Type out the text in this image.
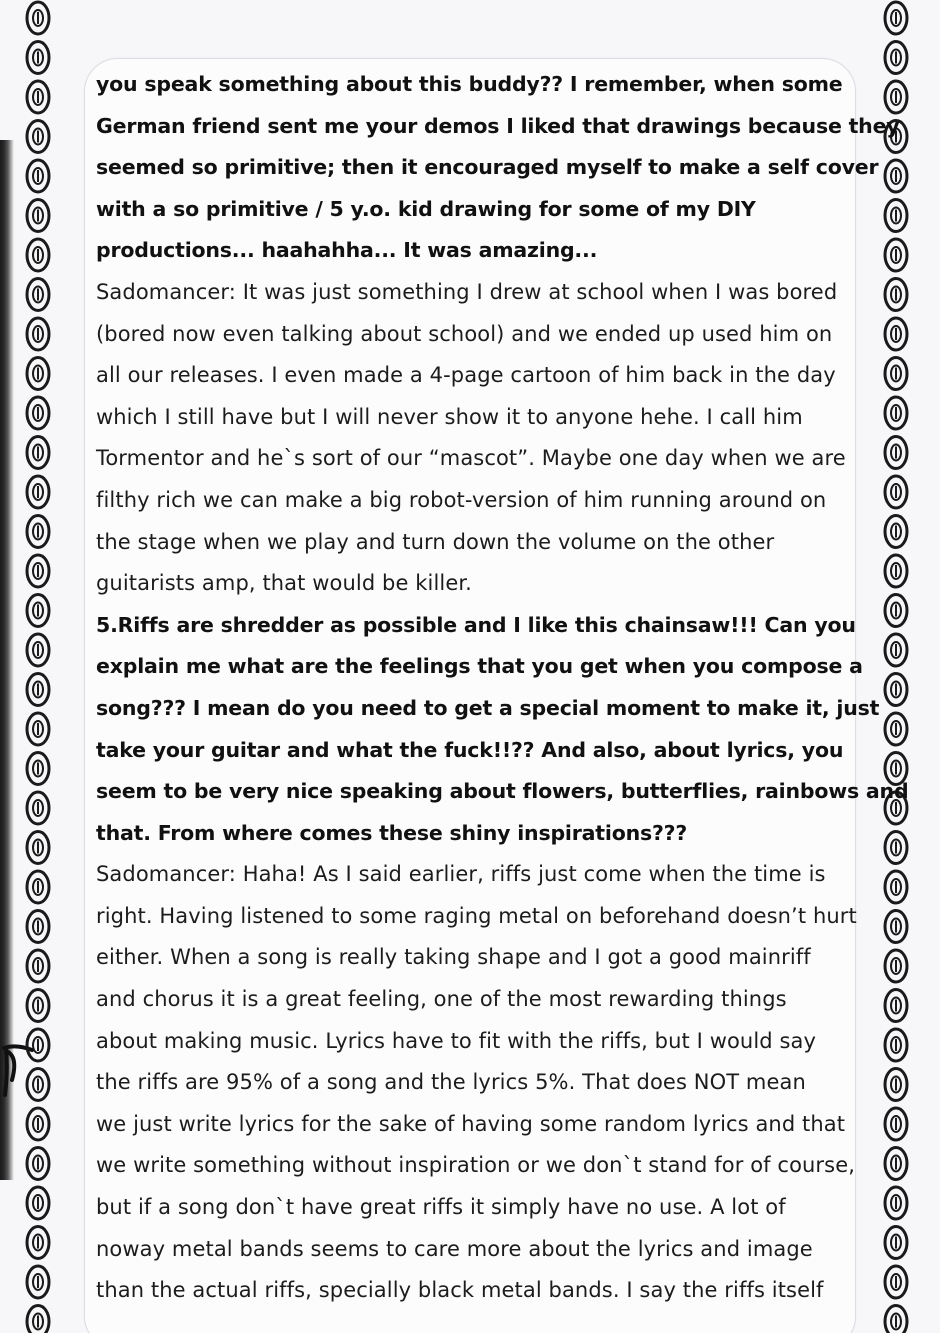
you speak something about this buddy?? I remember, when some
German friend sent me your demos I liked that drawings because they
seemed so primitive; then it encouraged myself to make a self cover
with a so primitive / 5 y.o. kid drawing for some of my DIY
productions... haahahha... It was amazing...
Sadomancer: It was just something I drew at school when I was bored
(bored now even talking about school) and we ended up used him on
all our releases. I even made a 4-page cartoon of him back in the day
which I still have but I will never show it to anyone hehe. I call him
Tormentor and he`s sort of our “mascot”. Maybe one day when we are
filthy rich we can make a big robot-version of him running around on
the stage when we play and turn down the volume on the other
guitarists amp, that would be killer.
5.Riffs are shredder as possible and I like this chainsaw!!! Can you
explain me what are the feelings that you get when you compose a
song??? I mean do you need to get a special moment to make it, just
take your guitar and what the fuck!!?? And also, about lyrics, you
seem to be very nice speaking about flowers, butterflies, rainbows and
that. From where comes these shiny inspirations???
Sadomancer: Haha! As I said earlier, riffs just come when the time is
right. Having listened to some raging metal on beforehand doesn’t hurt
either. When a song is really taking shape and I got a good mainriff
and chorus it is a great feeling, one of the most rewarding things
about making music. Lyrics have to fit with the riffs, but I would say
the riffs are 95% of a song and the lyrics 5%. That does NOT mean
we just write lyrics for the sake of having some random lyrics and that
we write something without inspiration or we don`t stand for of course,
but if a song don`t have great riffs it simply have no use. A lot of
noway metal bands seems to care more about the lyrics and image
than the actual riffs, specially black metal bands. I say the riffs itself
